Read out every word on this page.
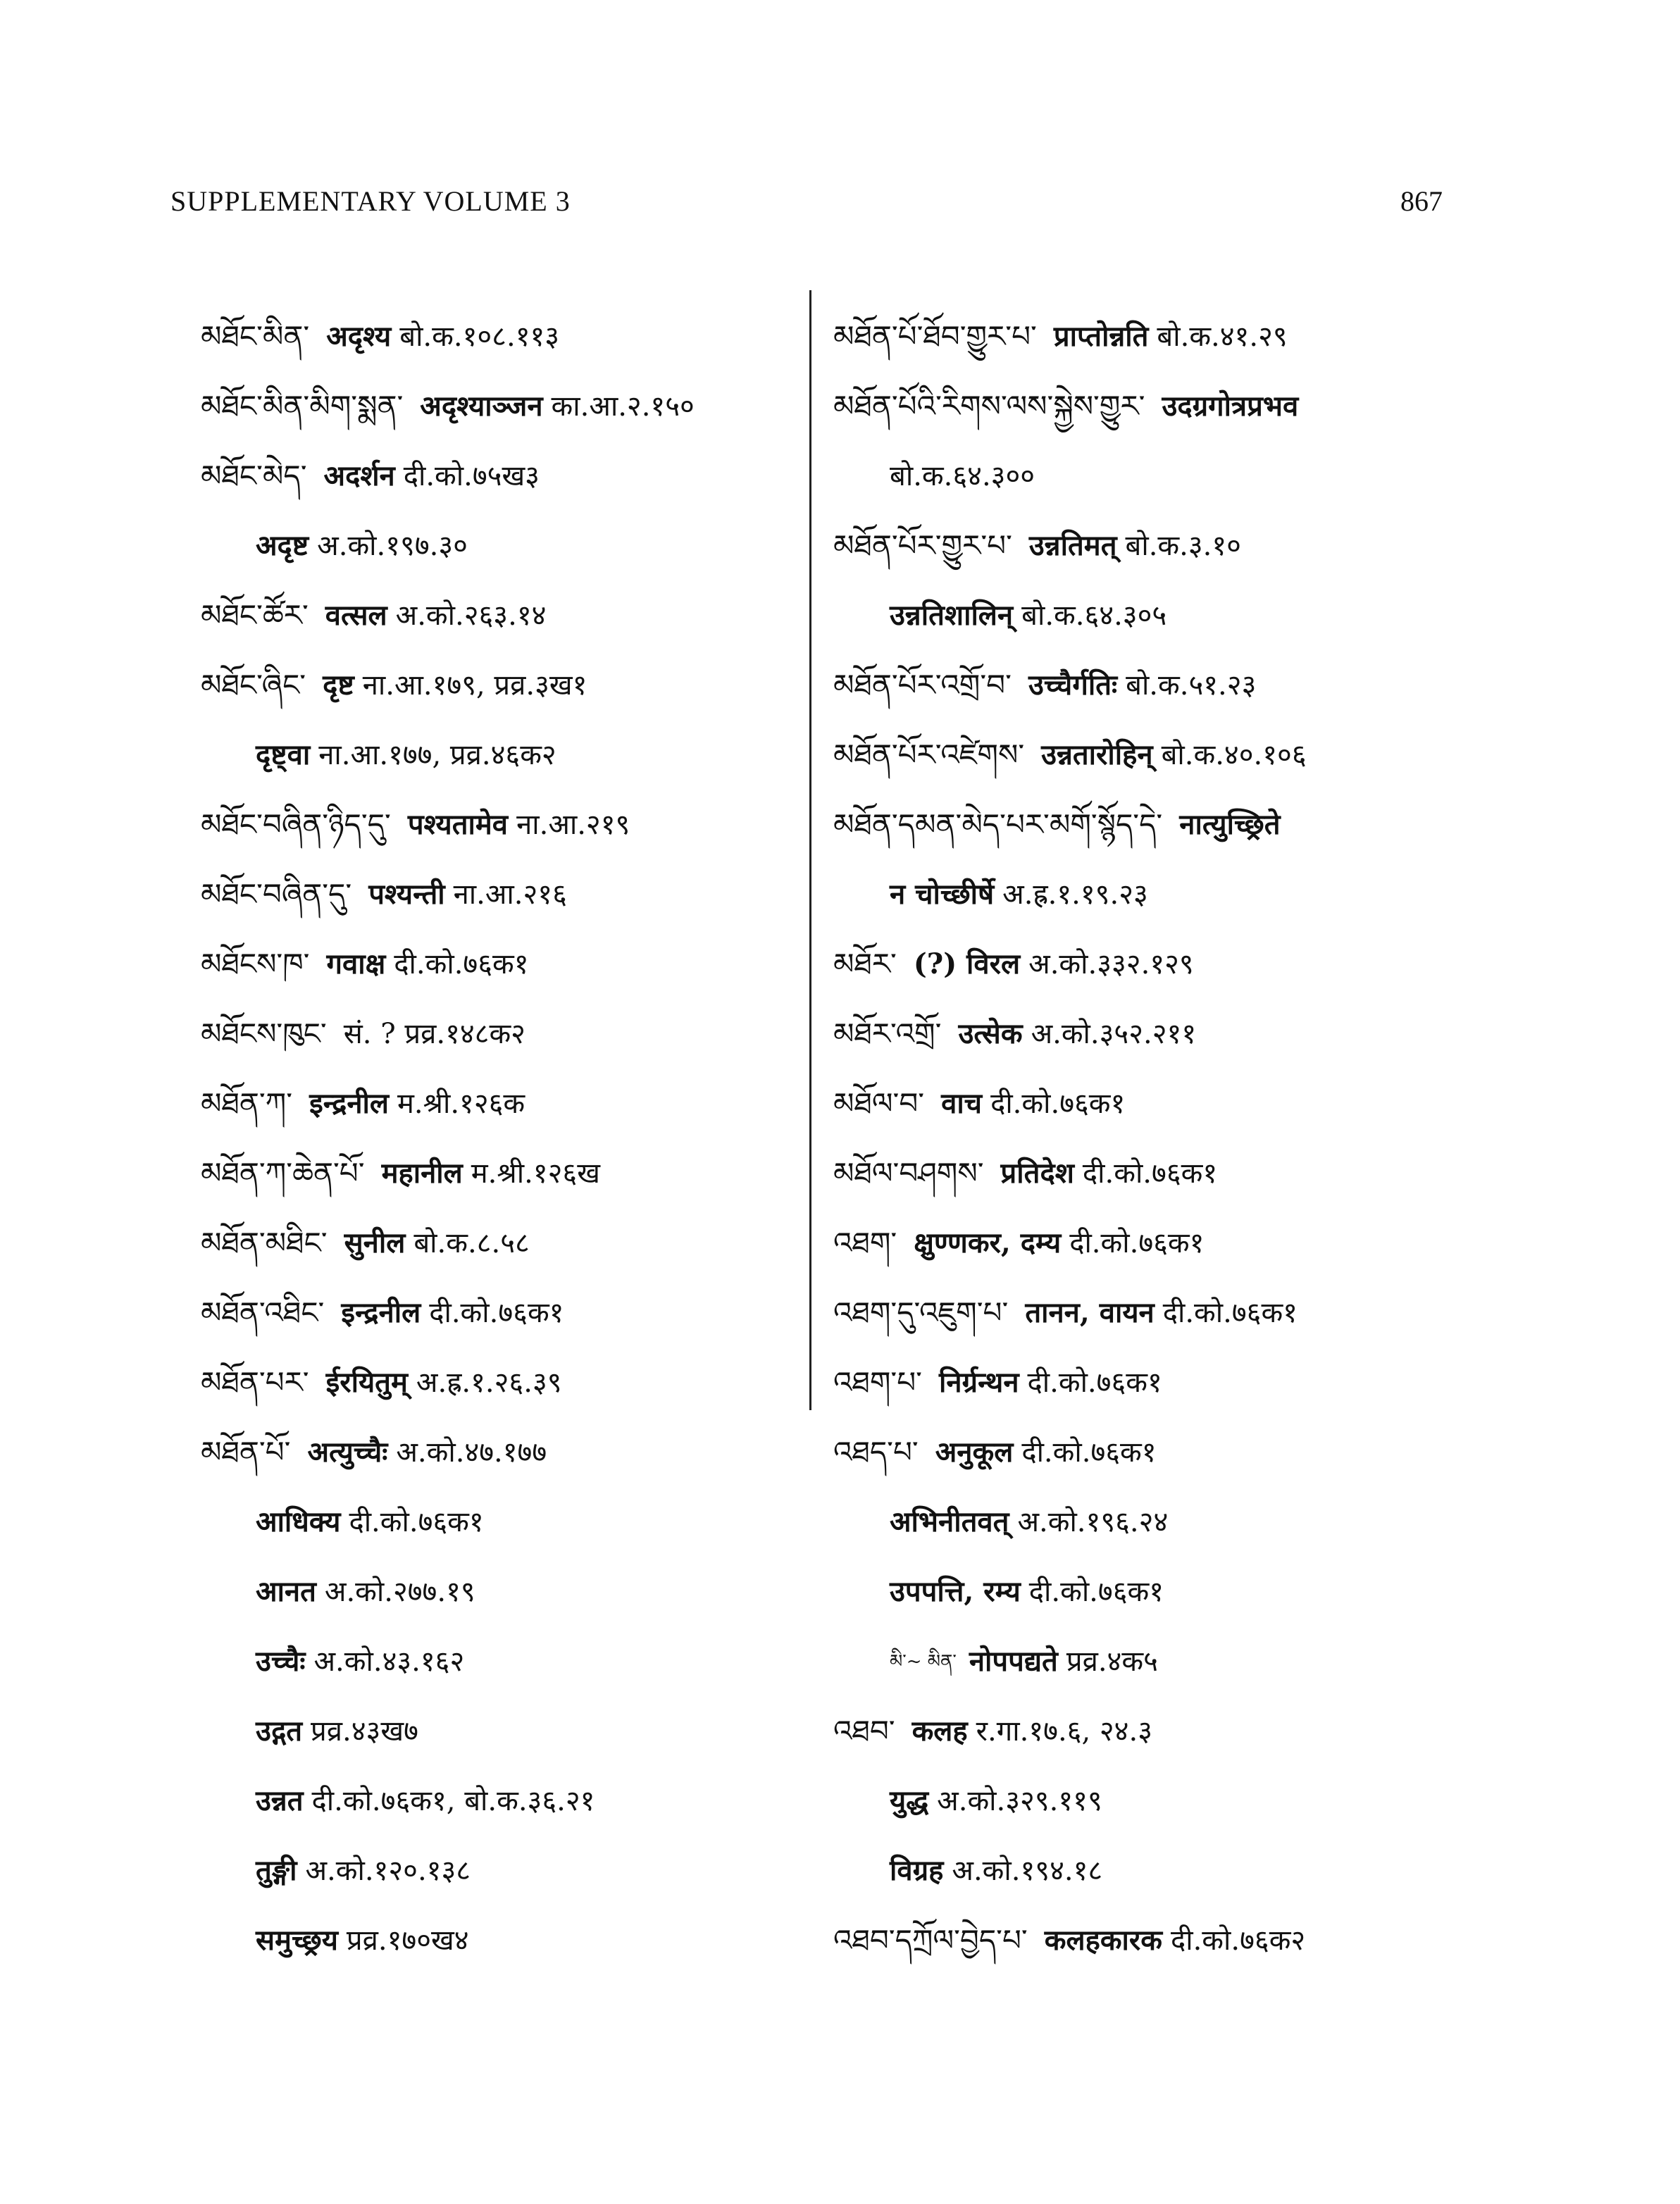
SUPPLEMENTARY VOLUME 3	867
མཐོང་མིན་ अदृश्य बो.क.१०८.११३
མཐོང་མིན་མིག་སྨན་ अदृश्याञ्जन का.आ.२.१५०
མཐོང་མེད་ अदर्शन दी.को.७५ख३
अदृष्ट अ.को.१९७.३०
མཐོང་ཚོར་ वत्सल अ.को.२६३.१४
མཐོང་ཞིང་ दृष्ट ना.आ.१७९, प्रव्र.३ख१
दृष्ट्वा ना.आ.१७७, प्रव्र.४६क२
མཐོང་བཞིན་ཉིད་དུ་ पश्यतामेव ना.आ.२१९
མཐོང་བཞིན་དུ་ पश्यन्ती ना.आ.२१६
མཐོངས་ཁ་ गवाक्ष दी.को.७६क१
མཐོངས་ཁུང་ सं. ? प्रव्र.१४८क२
མཐོན་ཀ་ इन्द्रनील म.श्री.१२६क
མཐོན་ཀ་ཆེན་པོ་ महानील म.श्री.१२६ख
མཐོན་མཐིང་ सुनील बो.क.८.५८
མཐོན་འཐིང་ इन्द्रनील दी.को.७६क१
མཐོན་པར་ ईरयितुम् अ.ह्र.१.२६.३९
མཐོན་པོ་ अत्युच्चैः अ.को.४७.१७७
आधिक्य दी.को.७६क१
आनत अ.को.२७७.१९
उच्चैः अ.को.४३.१६२
उद्गत प्रव्र.४३ख७
उन्नत दी.को.७६क१, बो.क.३६.२१
तुङ्गी अ.को.१२०.१३८
समुच्छ्रय प्रव्र.१७०ख४
མཐོན་པོ་ཐོབ་གྱུར་པ་ प्राप्तोन्नति बो.क.४१.२९
མཐོན་པོའི་རིགས་ལས་སྐྱེས་གྱུར་ उदग्रगोत्रप्रभव
बो.क.६४.३००
མཐོན་པོར་གྱུར་པ་ उन्नतिमत् बो.क.३.१०
उन्नतिशालिन् बो.क.६४.३०५
མཐོན་པོར་འགྲོ་བ་ उच्चैर्गतिः बो.क.५१.२३
མཐོན་པོར་འཛེགས་ उन्नतारोहिन् बो.क.४०.१०६
མཐོན་དམན་མེད་པར་མགོ་སྙོད་དེ་ नात्युच्छ्रिते
न चोच्छीर्षे अ.ह्र.१.१९.२३
མཐོར་ (?) विरल अ.को.३३२.१२९
མཐོར་འགྲོ་ उत्सेक अ.को.३५२.२११
མཐོལ་བ་ वाच दी.को.७६क१
མཐོལ་བཤགས་ प्रतिदेश दी.को.७६क१
འཐག་ क्षुण्णकर, दम्य दी.को.७६क१
འཐག་དུ་འཇུག་པ་ तानन, वायन दी.को.७६क१
འཐག་པ་ निर्ग्रन्थन दी.को.७६क१
འཐད་པ་ अनुकूल दी.को.७६क१
अभिनीतवत् अ.को.१९६.२४
उपपत्ति, रम्य दी.को.७६क१
མི་~ མིན་ नोपपद्यते प्रव्र.४क५
འཐབ་ कलह र.गा.१७.६, २४.३
युद्ध अ.को.३२९.११९
विग्रह अ.को.१९४.१८
འཐབ་དཀྲོལ་བྱེད་པ་ कलहकारक दी.को.७६क२
